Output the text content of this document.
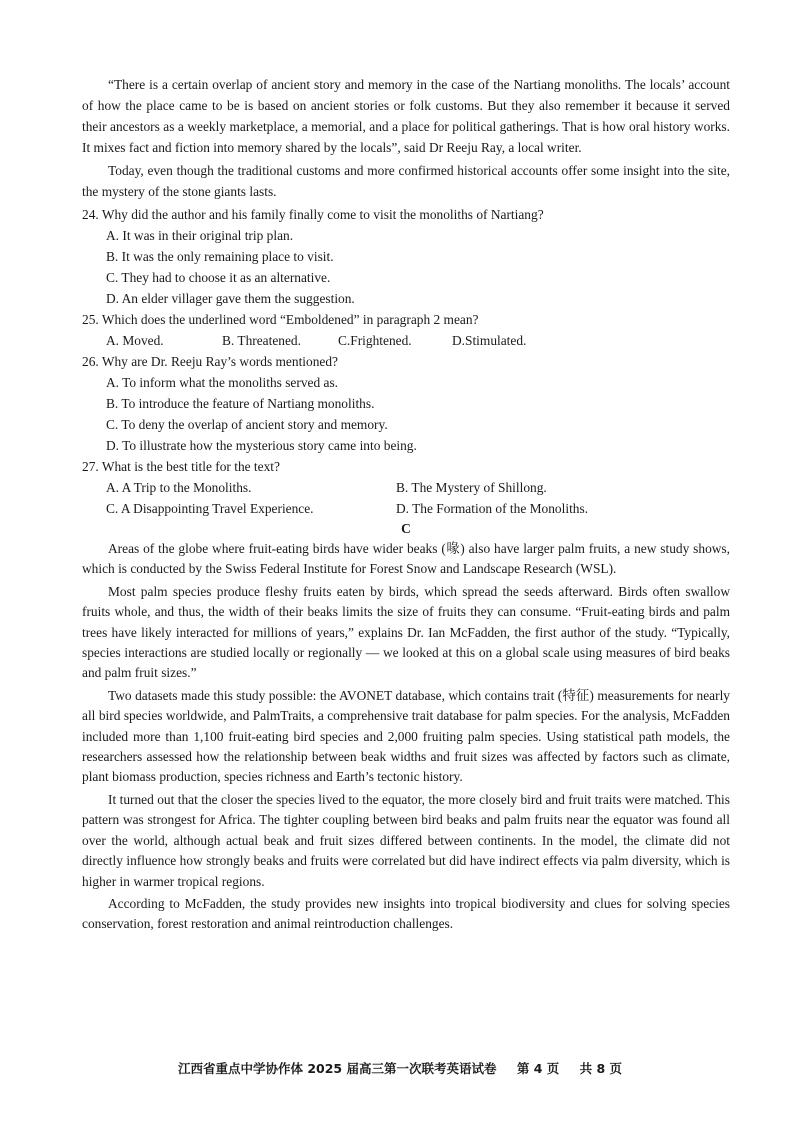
“There is a certain overlap of ancient story and memory in the case of the Nartiang monoliths. The locals’ account of how the place came to be is based on ancient stories or folk customs. But they also remember it because it served their ancestors as a weekly marketplace, a memorial, and a place for political gatherings. That is how oral history works. It mixes fact and fiction into memory shared by the locals”, said Dr Reeju Ray, a local writer.

Today, even though the traditional customs and more confirmed historical accounts offer some insight into the site, the mystery of the stone giants lasts.

24. Why did the author and his family finally come to visit the monoliths of Nartiang?

A. It was in their original trip plan.

B. It was the only remaining place to visit.

C. They had to choose it as an alternative.

D. An elder villager gave them the suggestion.

25. Which does the underlined word “Emboldened” in paragraph 2 mean?

A. Moved.	B. Threatened.	C.Frightened.	D.Stimulated.

26. Why are Dr. Reeju Ray’s words mentioned?

A. To inform what the monoliths served as.

B. To introduce the feature of Nartiang monoliths.

C. To deny the overlap of ancient story and memory.

D. To illustrate how the mysterious story came into being.

27. What is the best title for the text?

A. A Trip to the Monoliths.	B. The Mystery of Shillong.
C. A Disappointing Travel Experience.	D. The Formation of the Monoliths.

C

Areas of the globe where fruit-eating birds have wider beaks (喙) also have larger palm fruits, a new study shows, which is conducted by the Swiss Federal Institute for Forest Snow and Landscape Research (WSL).

Most palm species produce fleshy fruits eaten by birds, which spread the seeds afterward. Birds often swallow fruits whole, and thus, the width of their beaks limits the size of fruits they can consume. “Fruit-eating birds and palm trees have likely interacted for millions of years,” explains Dr. Ian McFadden, the first author of the study. “Typically, species interactions are studied locally or regionally — we looked at this on a global scale using measures of bird beaks and palm fruit sizes.”

Two datasets made this study possible: the AVONET database, which contains trait (特征) measurements for nearly all bird species worldwide, and PalmTraits, a comprehensive trait database for palm species. For the analysis, McFadden included more than 1,100 fruit-eating bird species and 2,000 fruiting palm species. Using statistical path models, the researchers assessed how the relationship between beak widths and fruit sizes was affected by factors such as climate, plant biomass production, species richness and Earth’s tectonic history.

It turned out that the closer the species lived to the equator, the more closely bird and fruit traits were matched. This pattern was strongest for Africa. The tighter coupling between bird beaks and palm fruits near the equator was found all over the world, although actual beak and fruit sizes differed between continents. In the model, the climate did not directly influence how strongly beaks and fruits were correlated but did have indirect effects via palm diversity, which is higher in warmer tropical regions.

According to McFadden, the study provides new insights into tropical biodiversity and clues for solving species conservation, forest restoration and animal reintroduction challenges.

江西省重点中学协作体 2025 届高三第一次联考英语试卷 第 4 页 共 8 页
